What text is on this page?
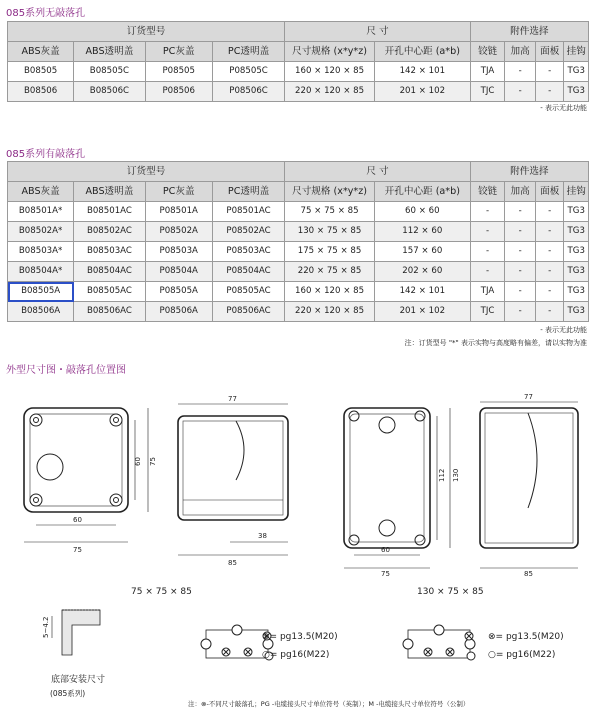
085系列无敲落孔
订货型号				尺 寸		附件选择			
ABS灰盖	ABS透明盖	PC灰盖	PC透明盖	尺寸规格 (x*y*z)	开孔中心距 (a*b)	铰链	加高	面板	挂钩
B08505	B08505C	P08505	P08505C	160 × 120 × 85	142 × 101	TJA	-	-	TG3
B08506	B08506C	P08506	P08506C	220 × 120 × 85	201 × 102	TJC	-	-	TG3
- 表示无此功能
085系列有敲落孔
订货型号				尺 寸		附件选择			
ABS灰盖	ABS透明盖	PC灰盖	PC透明盖	尺寸规格 (x*y*z)	开孔中心距 (a*b)	铰链	加高	面板	挂钩
B08501A*	B08501AC	P08501A	P08501AC	75 × 75 × 85	60 × 60	-	-	-	TG3
B08502A*	B08502AC	P08502A	P08502AC	130 × 75 × 85	112 × 60	-	-	-	TG3
B08503A*	B08503AC	P08503A	P08503AC	175 × 75 × 85	157 × 60	-	-	-	TG3
B08504A*	B08504AC	P08504A	P08504AC	220 × 75 × 85	202 × 60	-	-	-	TG3
B08505A	B08505AC	P08505A	P08505AC	160 × 120 × 85	142 × 101	TJA	-	-	TG3
B08506A	B08506AC	P08506A	P08506AC	220 × 120 × 85	201 × 102	TJC	-	-	TG3
- 表示无此功能
注：订货型号 "*" 表示实物与高度略有偏差，请以实物为准
外型尺寸图・敲落孔位置图
60
75
60 75
77
38
85
60
75
112 130
77
85
5~4.2
75 × 75 × 85	130 × 75 × 85
底部安装尺寸
(085系列)
⊗= pg13.5(M20)
○= pg16(M22)
⊗= pg13.5(M20)
○= pg16(M22)
注：⊗-不同尺寸敲落孔；PG -电缆接头尺寸单位符号（英制）；M -电缆接头尺寸单位符号（公制）
